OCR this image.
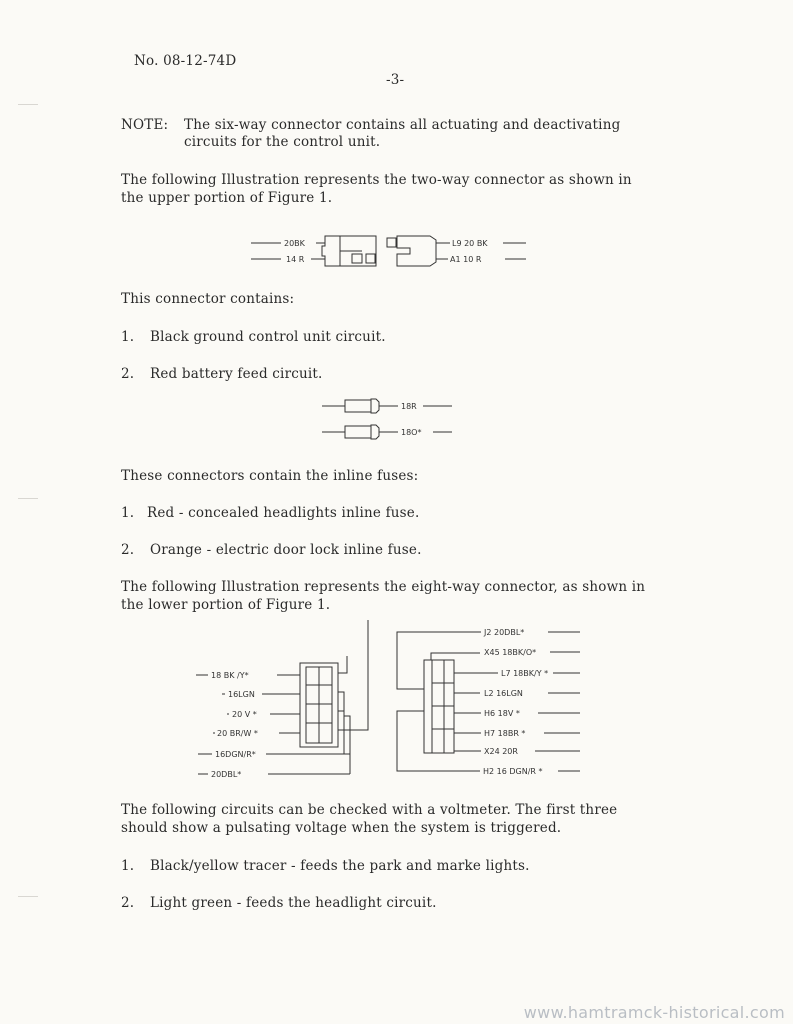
No. 08-12-74D
-3-
NOTE: The six-way connector contains all actuating and deactivating
circuits for the control unit.
The following Illustration represents the two-way connector as shown in
the upper portion of Figure 1.
20BK
14 R
L9 20 BK
A1 10 R
This connector contains:
1. Black ground control unit circuit.
2. Red battery feed circuit.
18R
18O*
These connectors contain the inline fuses:
1. Red - concealed headlights inline fuse.
2. Orange - electric door lock inline fuse.
The following Illustration represents the eight-way connector, as shown in
the lower portion of Figure 1.
18 BK /Y*
16LGN
20 V *
20 BR/W *
16DGN/R*
20DBL*
J2 20DBL*
X45 18BK/O*
L7 18BK/Y *
L2 16LGN
H6 18V *
H7 18BR *
X24 20R
H2 16 DGN/R *
The following circuits can be checked with a voltmeter. The first three
should show a pulsating voltage when the system is triggered.
1. Black/yellow tracer - feeds the park and marke lights.
2. Light green - feeds the headlight circuit.
www.hamtramck-historical.com
